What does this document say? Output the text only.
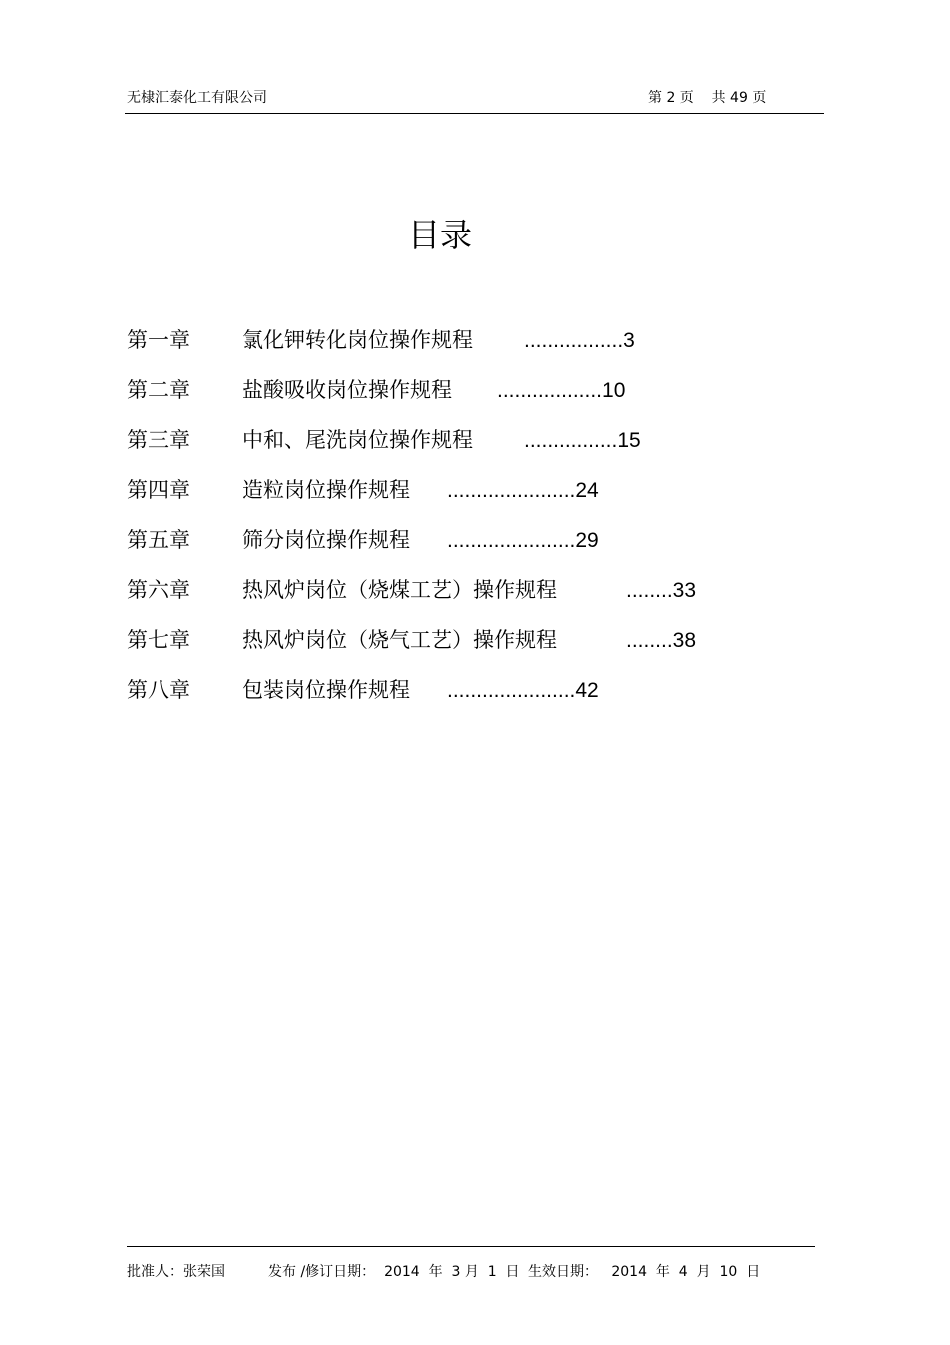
无棣汇泰化工有限公司	第 2 页    共 49 页
目录
第一章 氯化钾转化岗位操作规程 .................3
第二章 盐酸吸收岗位操作规程 ..................10
第三章 中和、尾洗岗位操作规程 ................15
第四章 造粒岗位操作规程 ......................24
第五章 筛分岗位操作规程 ......................29
第六章 热风炉岗位（烧煤工艺）操作规程	........33
第七章 热风炉岗位（烧气工艺）操作规程	........38
第八章 包装岗位操作规程 ......................42
批准人：张荣国	发布 /修订日期：  2014  年  3 月  1  日 生效日期：   2014  年  4  月  10  日
